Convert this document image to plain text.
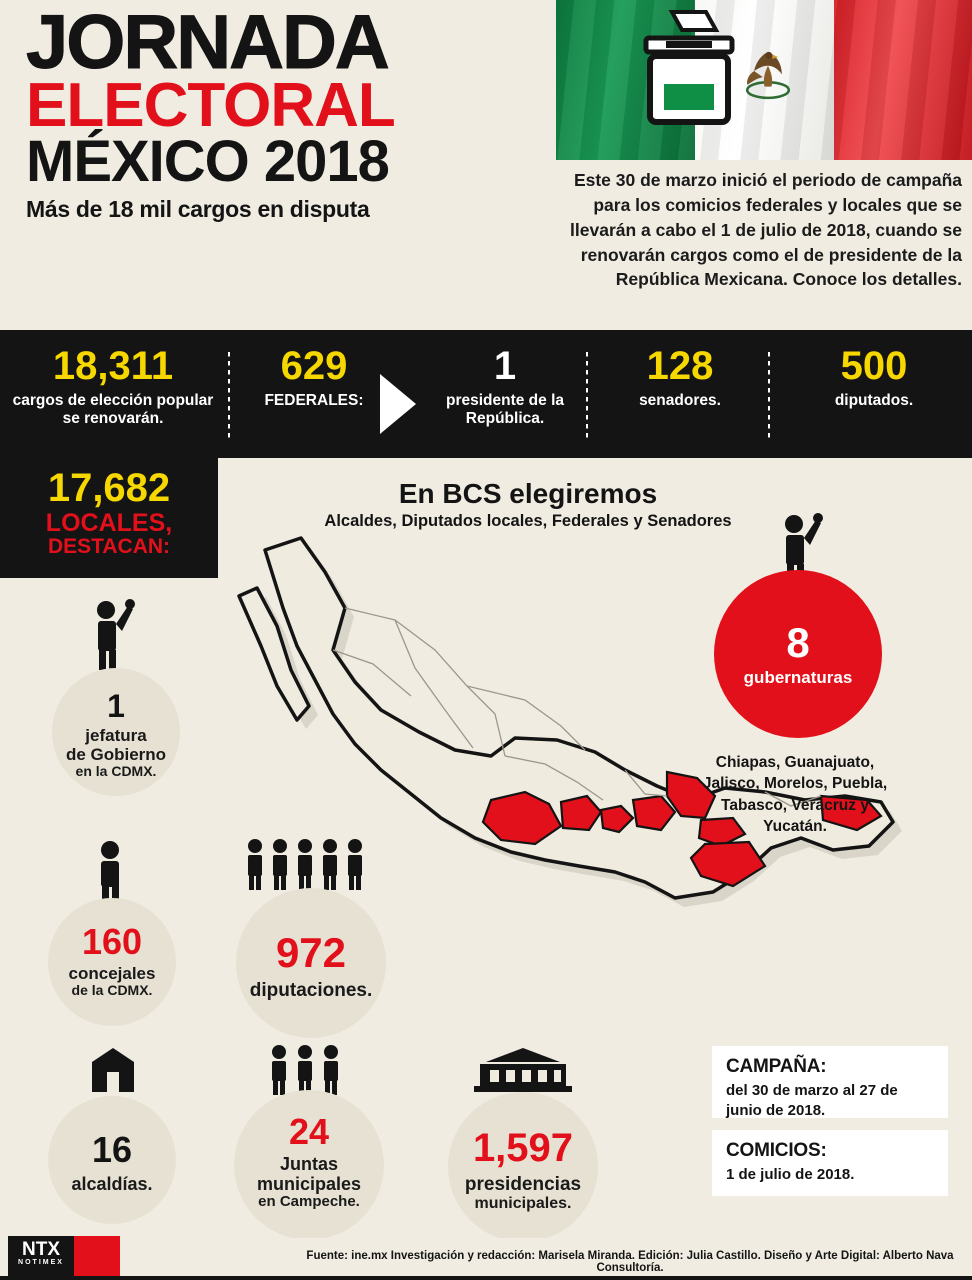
JORNADA
ELECTORAL
MÉXICO 2018
Más de 18 mil cargos en disputa
Este 30 de marzo inició el periodo de campaña para los comicios federales y locales que se llevarán a cabo el 1 de julio de 2018, cuando se renovarán cargos como el de presidente de la República Mexicana. Conoce los detalles.
18,311
cargos de elección popular se renovarán.
629
FEDERALES:
1
presidente de la República.
128
senadores.
500
diputados.
17,682
LOCALES,
DESTACAN:
En BCS elegiremos
Alcaldes, Diputados locales, Federales y Senadores
8
gubernaturas
Chiapas, Guanajuato, Jalisco, Morelos, Puebla, Tabasco, Veracruz y Yucatán.
1
jefatura
de Gobierno
en la CDMX.
160
concejales
de la CDMX.
972
diputaciones.
16
alcaldías.
24
Juntas
municipales
en Campeche.
1,597
presidencias
municipales.
CAMPAÑA:
del 30 de marzo al 27 de junio de 2018.
COMICIOS:
1 de julio de 2018.
NTX
NOTIMEX
Fuente: ine.mx Investigación y redacción: Marisela Miranda. Edición: Julia Castillo. Diseño y Arte Digital: Alberto Nava Consultoría.
